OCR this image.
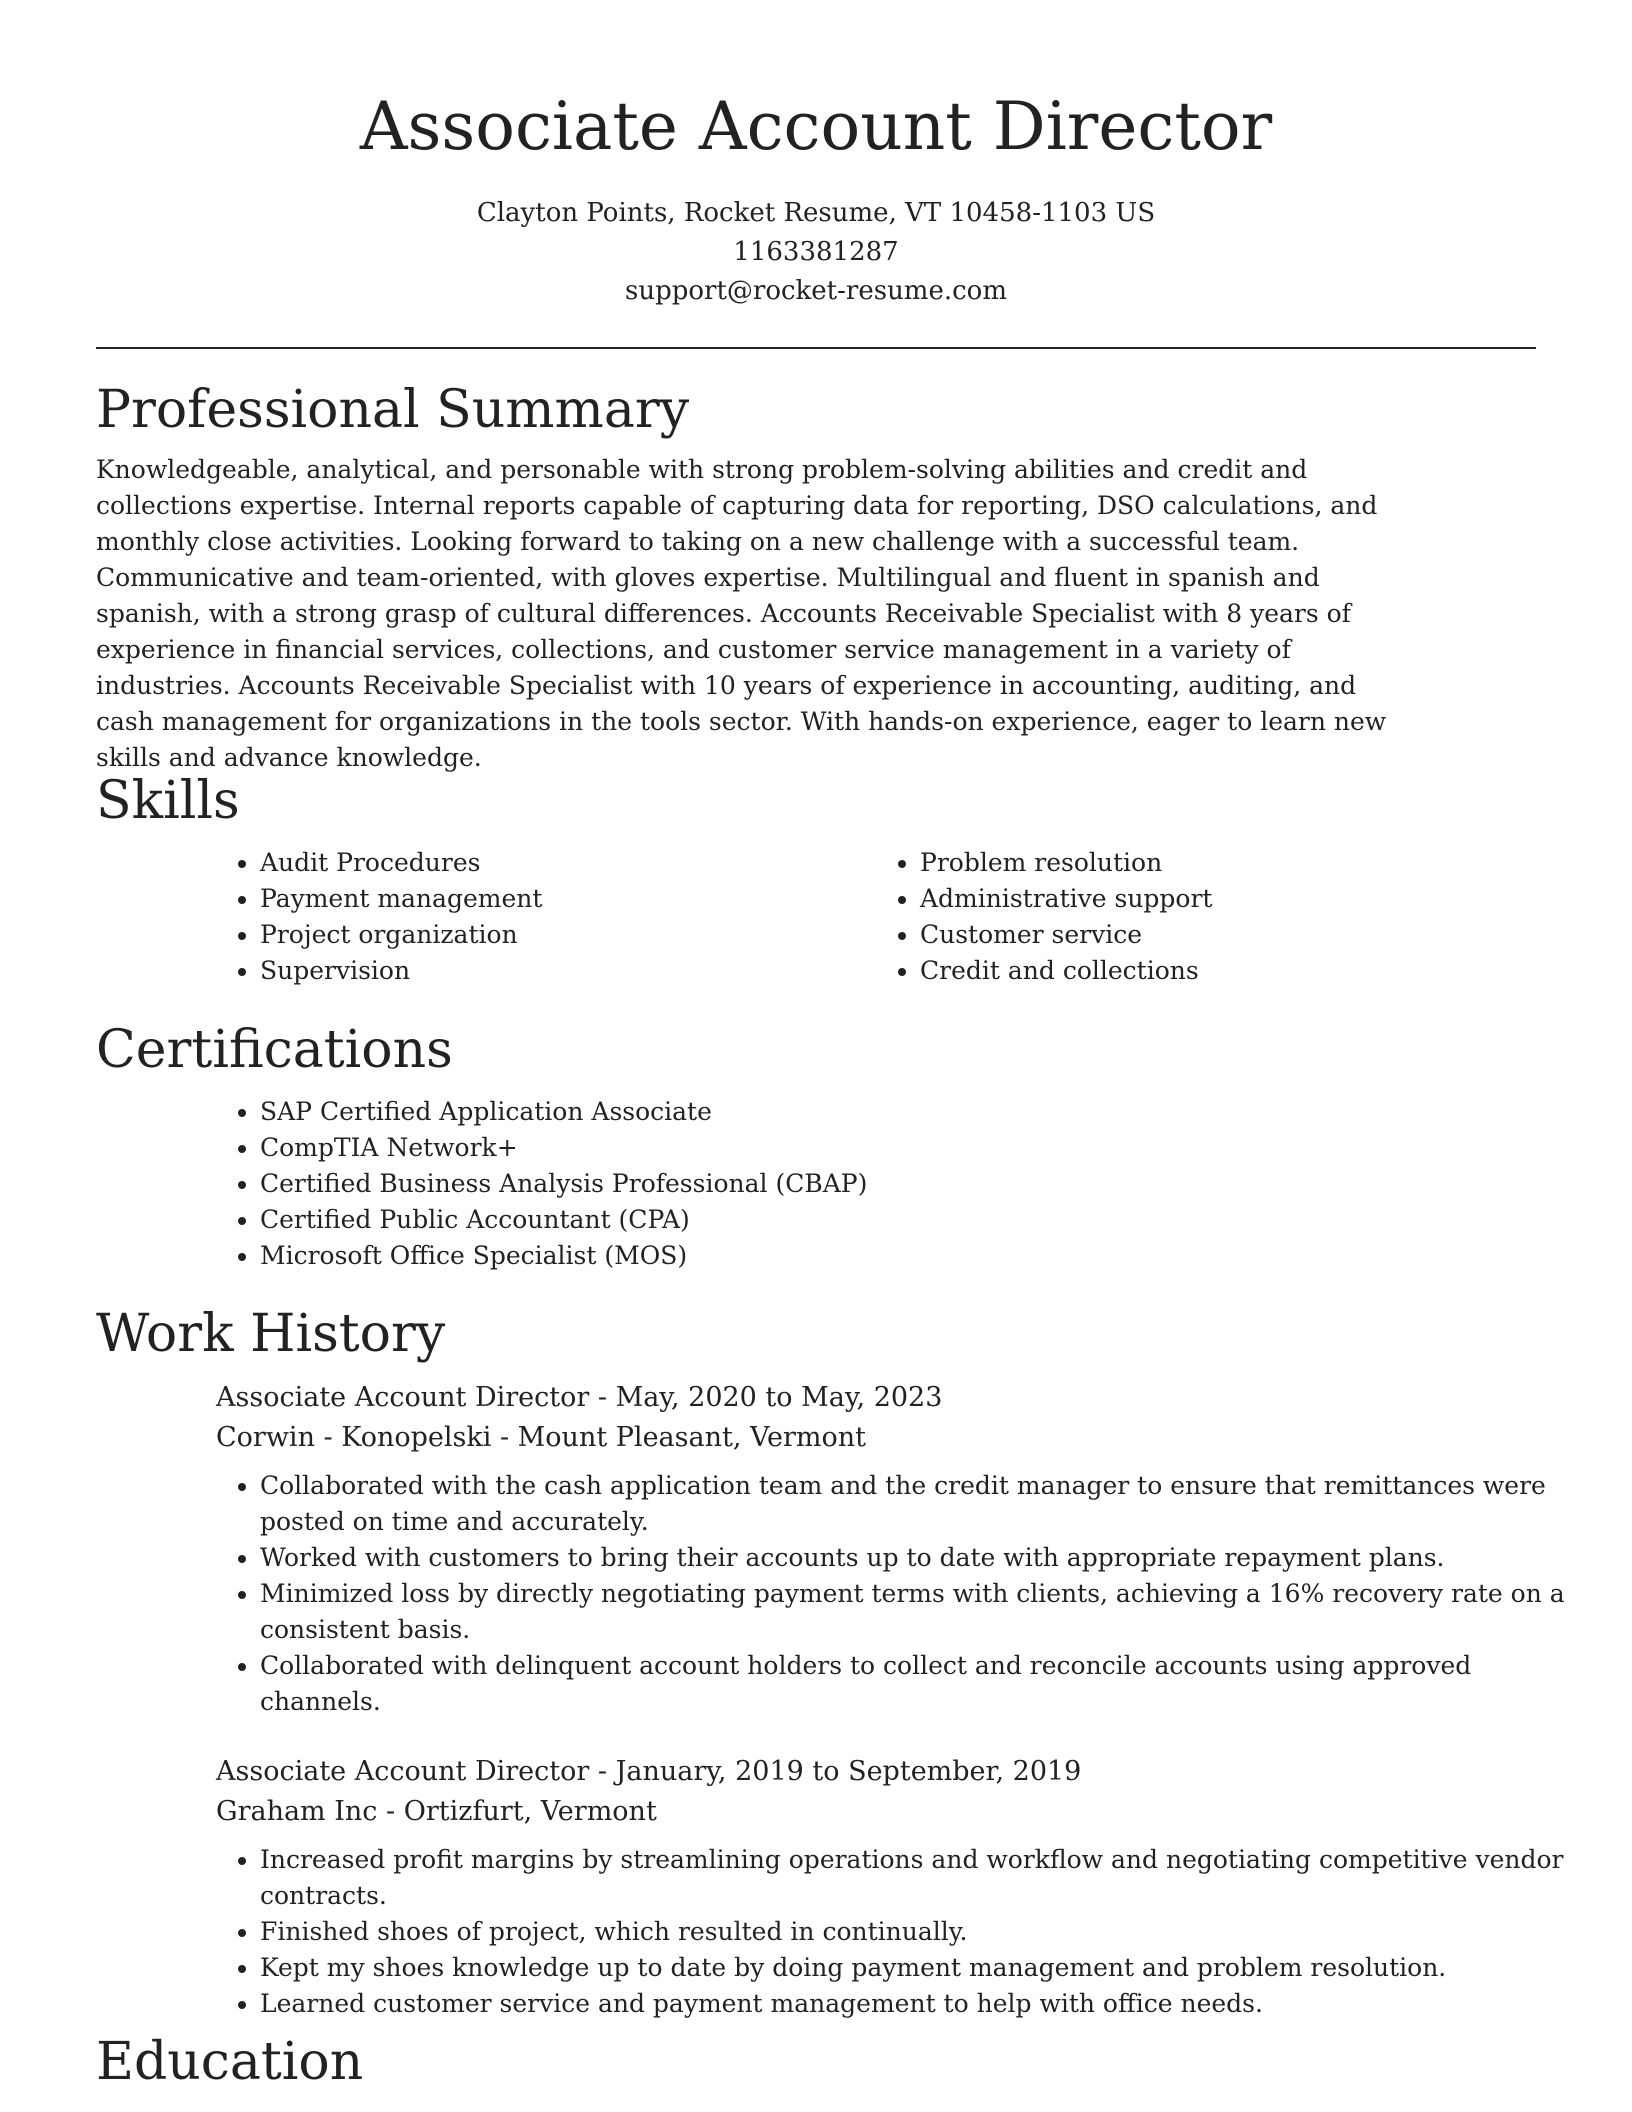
Associate Account Director
Clayton Points, Rocket Resume, VT 10458-1103 US
1163381287
support@rocket-resume.com
Professional Summary

Knowledgeable, analytical, and personable with strong problem-solving abilities and credit and collections expertise. Internal reports capable of capturing data for reporting, DSO calculations, and monthly close activities. Looking forward to taking on a new challenge with a successful team. Communicative and team-oriented, with gloves expertise. Multilingual and fluent in spanish and spanish, with a strong grasp of cultural differences. Accounts Receivable Specialist with 8 years of experience in financial services, collections, and customer service management in a variety of industries. Accounts Receivable Specialist with 10 years of experience in accounting, auditing, and cash management for organizations in the tools sector. With hands-on experience, eager to learn new skills and advance knowledge.

Skills
• Audit Procedures
• Payment management
• Project organization
• Supervision
• Problem resolution
• Administrative support
• Customer service
• Credit and collections
Certifications
• SAP Certified Application Associate
• CompTIA Network+
• Certified Business Analysis Professional (CBAP)
• Certified Public Accountant (CPA)
• Microsoft Office Specialist (MOS)
Work History
Associate Account Director - May, 2020 to May, 2023
Corwin - Konopelski - Mount Pleasant, Vermont
• Collaborated with the cash application team and the credit manager to ensure that remittances were posted on time and accurately.
• Worked with customers to bring their accounts up to date with appropriate repayment plans.
• Minimized loss by directly negotiating payment terms with clients, achieving a 16% recovery rate on a consistent basis.
• Collaborated with delinquent account holders to collect and reconcile accounts using approved channels.
Associate Account Director - January, 2019 to September, 2019
Graham Inc - Ortizfurt, Vermont
• Increased profit margins by streamlining operations and workflow and negotiating competitive vendor contracts.
• Finished shoes of project, which resulted in continually.
• Kept my shoes knowledge up to date by doing payment management and problem resolution.
• Learned customer service and payment management to help with office needs.
Education
